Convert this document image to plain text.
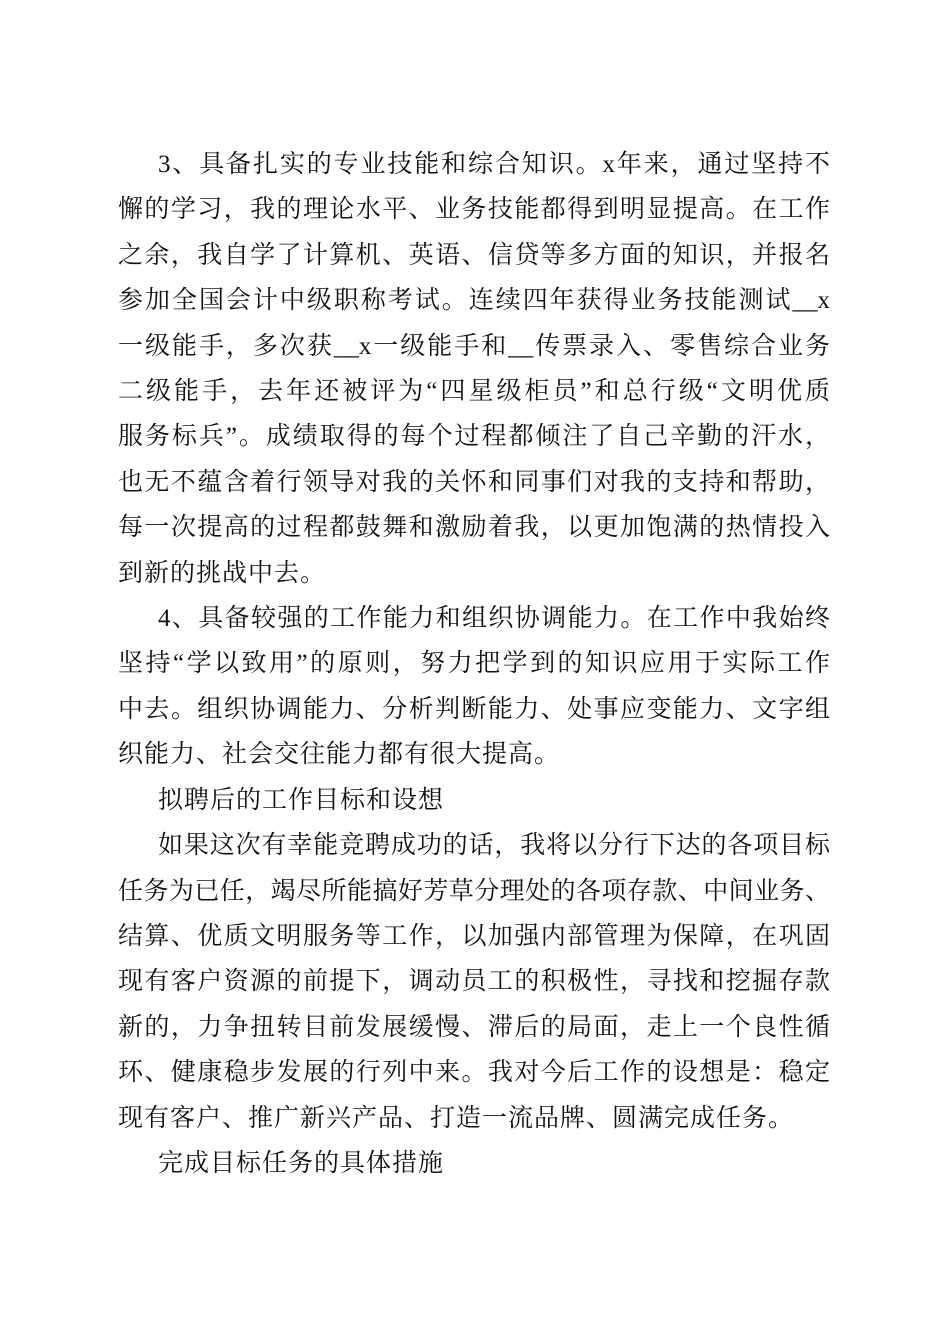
3、具备扎实的专业技能和综合知识。x年来，通过坚持不
懈的学习，我的理论水平、业务技能都得到明显提高。在工作
之余，我自学了计算机、英语、信贷等多方面的知识，并报名
参加全国会计中级职称考试。连续四年获得业务技能测试__x
一级能手，多次获__x一级能手和__传票录入、零售综合业务
二级能手，去年还被评为“四星级柜员”和总行级“文明优质
服务标兵”。成绩取得的每个过程都倾注了自己辛勤的汗水，
也无不蕴含着行领导对我的关怀和同事们对我的支持和帮助，
每一次提高的过程都鼓舞和激励着我，以更加饱满的热情投入
到新的挑战中去。
4、具备较强的工作能力和组织协调能力。在工作中我始终
坚持“学以致用”的原则，努力把学到的知识应用于实际工作
中去。组织协调能力、分析判断能力、处事应变能力、文字组
织能力、社会交往能力都有很大提高。
拟聘后的工作目标和设想
如果这次有幸能竞聘成功的话，我将以分行下达的各项目标
任务为已任，竭尽所能搞好芳草分理处的各项存款、中间业务、
结算、优质文明服务等工作，以加强内部管理为保障，在巩固
现有客户资源的前提下，调动员工的积极性，寻找和挖掘存款
新的，力争扭转目前发展缓慢、滞后的局面，走上一个良性循
环、健康稳步发展的行列中来。我对今后工作的设想是：稳定
现有客户、推广新兴产品、打造一流品牌、圆满完成任务。
完成目标任务的具体措施
